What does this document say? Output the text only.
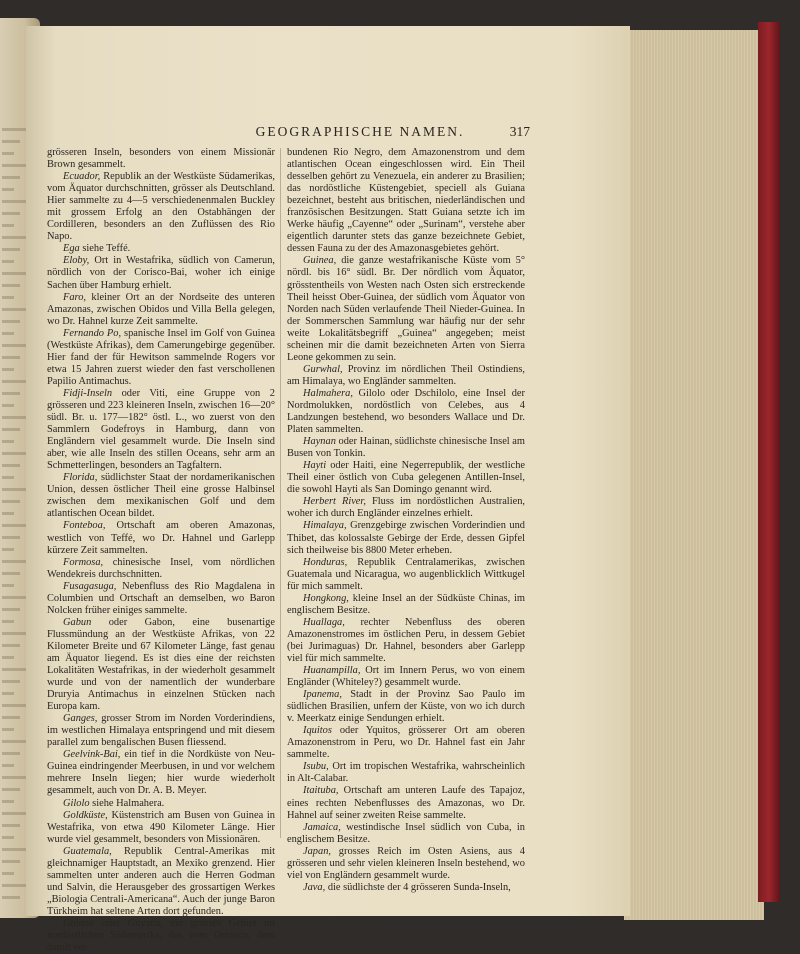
GEOGRAPHISCHE NAMEN.	317

grösseren Inseln, besonders von einem Missionär Brown gesammelt.

Ecuador, Republik an der Westküste Südamerikas, vom Äquator durchschnitten, grösser als Deutschland. Hier sammelte zu 4—5 verschiedenenmalen Buckley mit grossem Erfolg an den Ostabhängen der Cordilleren, besonders an den Zuflüssen des Rio Napo.

Ega siehe Teffé.

Eloby, Ort in Westafrika, südlich von Camerun, nördlich von der Corisco-Bai, woher ich einige Sachen über Hamburg erhielt.

Faro, kleiner Ort an der Nordseite des unteren Amazonas, zwischen Obidos und Villa Bella gelegen, wo Dr. Hahnel kurze Zeit sammelte.

Fernando Po, spanische Insel im Golf von Guinea (Westküste Afrikas), dem Camerungebirge gegenüber. Hier fand der für Hewitson sammelnde Rogers vor etwa 15 Jahren zuerst wieder den fast verschollenen Papilio Antimachus.

Fidji-Inseln oder Viti, eine Gruppe von 2 grösseren und 223 kleineren Inseln, zwischen 16—20° südl. Br. u. 177—182° östl. L., wo zuerst von den Sammlern Godefroys in Hamburg, dann von Engländern viel gesammelt wurde. Die Inseln sind aber, wie alle Inseln des stillen Oceans, sehr arm an Schmetterlingen, besonders an Tagfaltern.

Florida, südlichster Staat der nordamerikanischen Union, dessen östlicher Theil eine grosse Halbinsel zwischen dem mexikanischen Golf und dem atlantischen Ocean bildet.

Fonteboa, Ortschaft am oberen Amazonas, westlich von Teffé, wo Dr. Hahnel und Garlepp kürzere Zeit sammelten.

Formosa, chinesische Insel, vom nördlichen Wendekreis durchschnitten.

Fusagasuga, Nebenfluss des Rio Magdalena in Columbien und Ortschaft an demselben, wo Baron Nolcken früher einiges sammelte.

Gabun oder Gabon, eine busenartige Flussmündung an der Westküste Afrikas, von 22 Kilometer Breite und 67 Kilometer Länge, fast genau am Äquator liegend. Es ist dies eine der reichsten Lokalitäten Westafrikas, in der wiederholt gesammelt wurde und von der namentlich der wunderbare Druryia Antimachus in einzelnen Stücken nach Europa kam.

Ganges, grosser Strom im Norden Vorderindiens, im westlichen Himalaya entspringend und mit diesem parallel zum bengalischen Busen fliessend.

Geelvink-Bai, ein tief in die Nordküste von Neu-Guinea eindringender Meerbusen, in und vor welchem mehrere Inseln liegen; hier wurde wiederholt gesammelt, auch von Dr. A. B. Meyer.

Gilolo siehe Halmahera.

Goldküste, Küstenstrich am Busen von Guinea in Westafrika, von etwa 490 Kilometer Länge. Hier wurde viel gesammelt, besonders von Missionären.

Guatemala, Republik Central-Amerikas mit gleichnamiger Hauptstadt, an Mexiko grenzend. Hier sammelten unter anderen auch die Herren Godman und Salvin, die Herausgeber des grossartigen Werkes „Biologia Centrali-Americana“. Auch der junge Baron Türkheim hat seltene Arten dort gefunden.

Guiana oder Guyana, ein grosses Gebiet im nordöstlichen Südamerika, das vom Orinoco, dem damit ver-

bundenen Rio Negro, dem Amazonenstrom und dem atlantischen Ocean eingeschlossen wird. Ein Theil desselben gehört zu Venezuela, ein anderer zu Brasilien; das nordöstliche Küstengebiet, speciell als Guiana bezeichnet, besteht aus britischen, niederländischen und französischen Besitzungen. Statt Guiana setzte ich im Werke häufig „Cayenne“ oder „Surinam“, verstehe aber eigentlich darunter stets das ganze bezeichnete Gebiet, dessen Fauna zu der des Amazonasgebietes gehört.

Guinea, die ganze westafrikanische Küste vom 5° nördl. bis 16° südl. Br. Der nördlich vom Äquator, grösstentheils von Westen nach Osten sich erstreckende Theil heisst Ober-Guinea, der südlich vom Äquator von Norden nach Süden verlaufende Theil Nieder-Guinea. In der Sommerschen Sammlung war häufig nur der sehr weite Lokalitätsbegriff „Guinea“ angegeben; meist scheinen mir die damit bezeichneten Arten von Sierra Leone gekommen zu sein.

Gurwhal, Provinz im nördlichen Theil Ostindiens, am Himalaya, wo Engländer sammelten.

Halmahera, Gilolo oder Dschilolo, eine Insel der Nordmolukken, nordöstlich von Celebes, aus 4 Landzungen bestehend, wo besonders Wallace und Dr. Platen sammelten.

Haynan oder Hainan, südlichste chinesische Insel am Busen von Tonkin.

Hayti oder Haiti, eine Negerrepublik, der westliche Theil einer östlich von Cuba gelegenen Antillen-Insel, die sowohl Hayti als San Domingo genannt wird.

Herbert River, Fluss im nordöstlichen Australien, woher ich durch Engländer einzelnes erhielt.

Himalaya, Grenzgebirge zwischen Vorderindien und Thibet, das kolossalste Gebirge der Erde, dessen Gipfel sich theilweise bis 8800 Meter erheben.

Honduras, Republik Centralamerikas, zwischen Guatemala und Nicaragua, wo augenblicklich Wittkugel für mich sammelt.

Hongkong, kleine Insel an der Südküste Chinas, im englischem Besitze.

Huallaga, rechter Nebenfluss des oberen Amazonenstromes im östlichen Peru, in dessem Gebiet (bei Jurimaguas) Dr. Hahnel, besonders aber Garlepp viel für mich sammelte.

Huanampilla, Ort im Innern Perus, wo von einem Engländer (Whiteley?) gesammelt wurde.

Ipanema, Stadt in der Provinz Sao Paulo im südlichen Brasilien, unfern der Küste, von wo ich durch v. Meerkatz einige Sendungen erhielt.

Iquitos oder Yquitos, grösserer Ort am oberen Amazonenstrom in Peru, wo Dr. Hahnel fast ein Jahr sammelte.

Isubu, Ort im tropischen Westafrika, wahrscheinlich in Alt-Calabar.

Itaituba, Ortschaft am unteren Laufe des Tapajoz, eines rechten Nebenflusses des Amazonas, wo Dr. Hahnel auf seiner zweiten Reise sammelte.

Jamaica, westindische Insel südlich von Cuba, in englischem Besitze.

Japan, grosses Reich im Osten Asiens, aus 4 grösseren und sehr vielen kleineren Inseln bestehend, wo viel von Engländern gesammelt wurde.

Java, die südlichste der 4 grösseren Sunda-Inseln,
